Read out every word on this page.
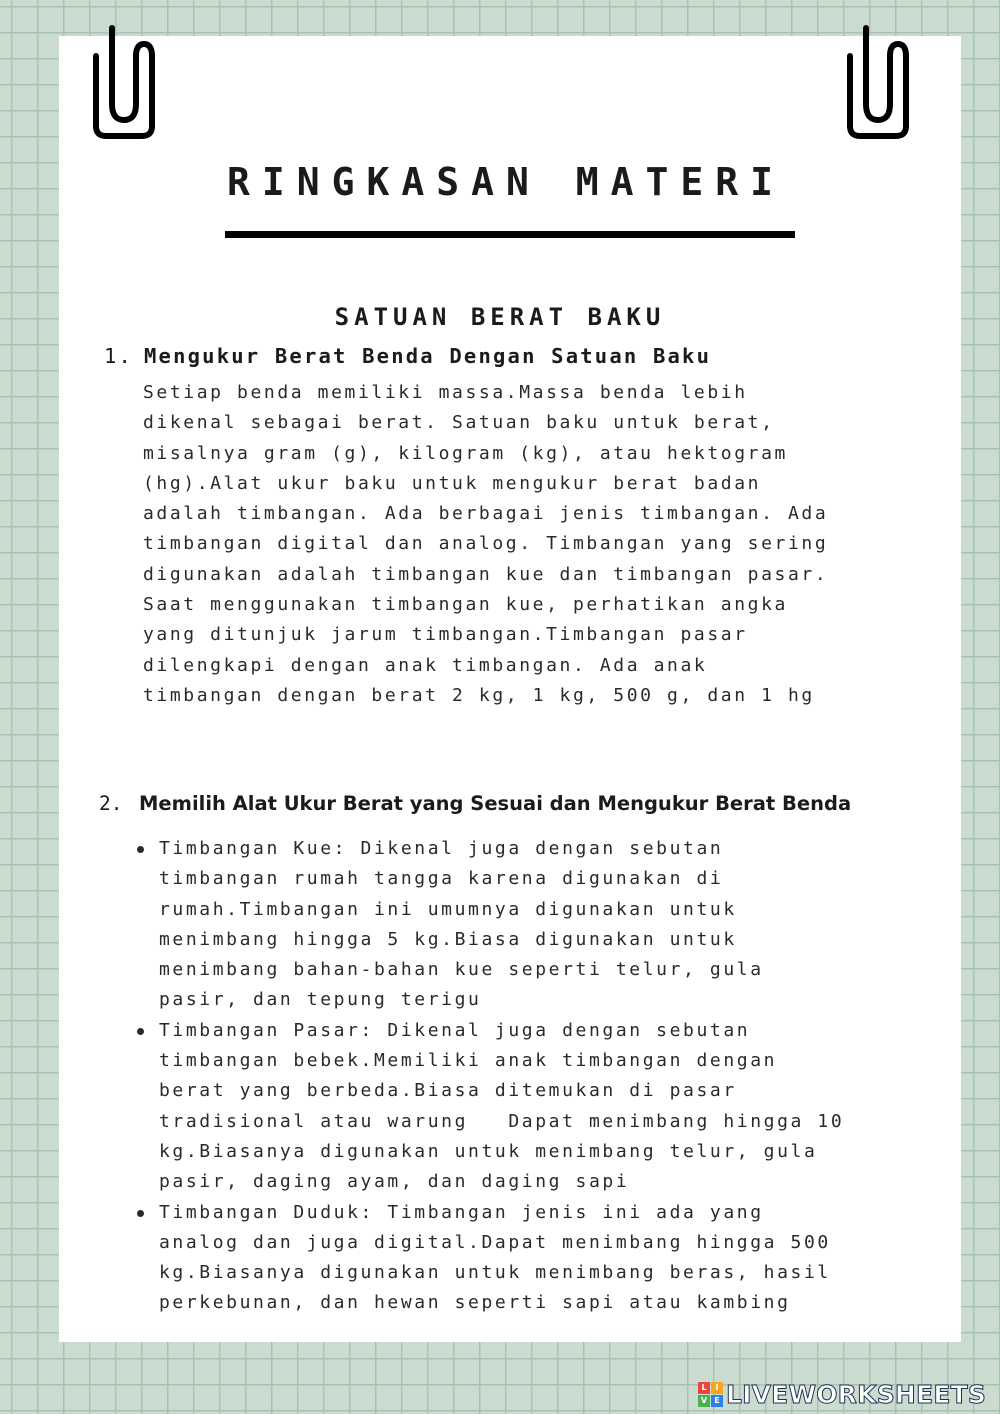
RINGKASAN MATERI
SATUAN BERAT BAKU
1. Mengukur Berat Benda Dengan Satuan Baku
Setiap benda memiliki massa.Massa benda lebih
dikenal sebagai berat. Satuan baku untuk berat,
misalnya gram (g), kilogram (kg), atau hektogram
(hg).Alat ukur baku untuk mengukur berat badan
adalah timbangan. Ada berbagai jenis timbangan. Ada
timbangan digital dan analog. Timbangan yang sering
digunakan adalah timbangan kue dan timbangan pasar.
Saat menggunakan timbangan kue, perhatikan angka
yang ditunjuk jarum timbangan.Timbangan pasar
dilengkapi dengan anak timbangan. Ada anak
timbangan dengan berat 2 kg, 1 kg, 500 g, dan 1 hg
2. Memilih Alat Ukur Berat yang Sesuai dan Mengukur Berat Benda
Timbangan Kue: Dikenal juga dengan sebutan
timbangan rumah tangga karena digunakan di
rumah.Timbangan ini umumnya digunakan untuk
menimbang hingga 5 kg.Biasa digunakan untuk
menimbang bahan-bahan kue seperti telur, gula
pasir, dan tepung terigu
Timbangan Pasar: Dikenal juga dengan sebutan
timbangan bebek.Memiliki anak timbangan dengan
berat yang berbeda.Biasa ditemukan di pasar
tradisional atau warung   Dapat menimbang hingga 10
kg.Biasanya digunakan untuk menimbang telur, gula
pasir, daging ayam, dan daging sapi
Timbangan Duduk: Timbangan jenis ini ada yang
analog dan juga digital.Dapat menimbang hingga 500
kg.Biasanya digunakan untuk menimbang beras, hasil
perkebunan, dan hewan seperti sapi atau kambing
L	I
V E LIVEWORKSHEETS
